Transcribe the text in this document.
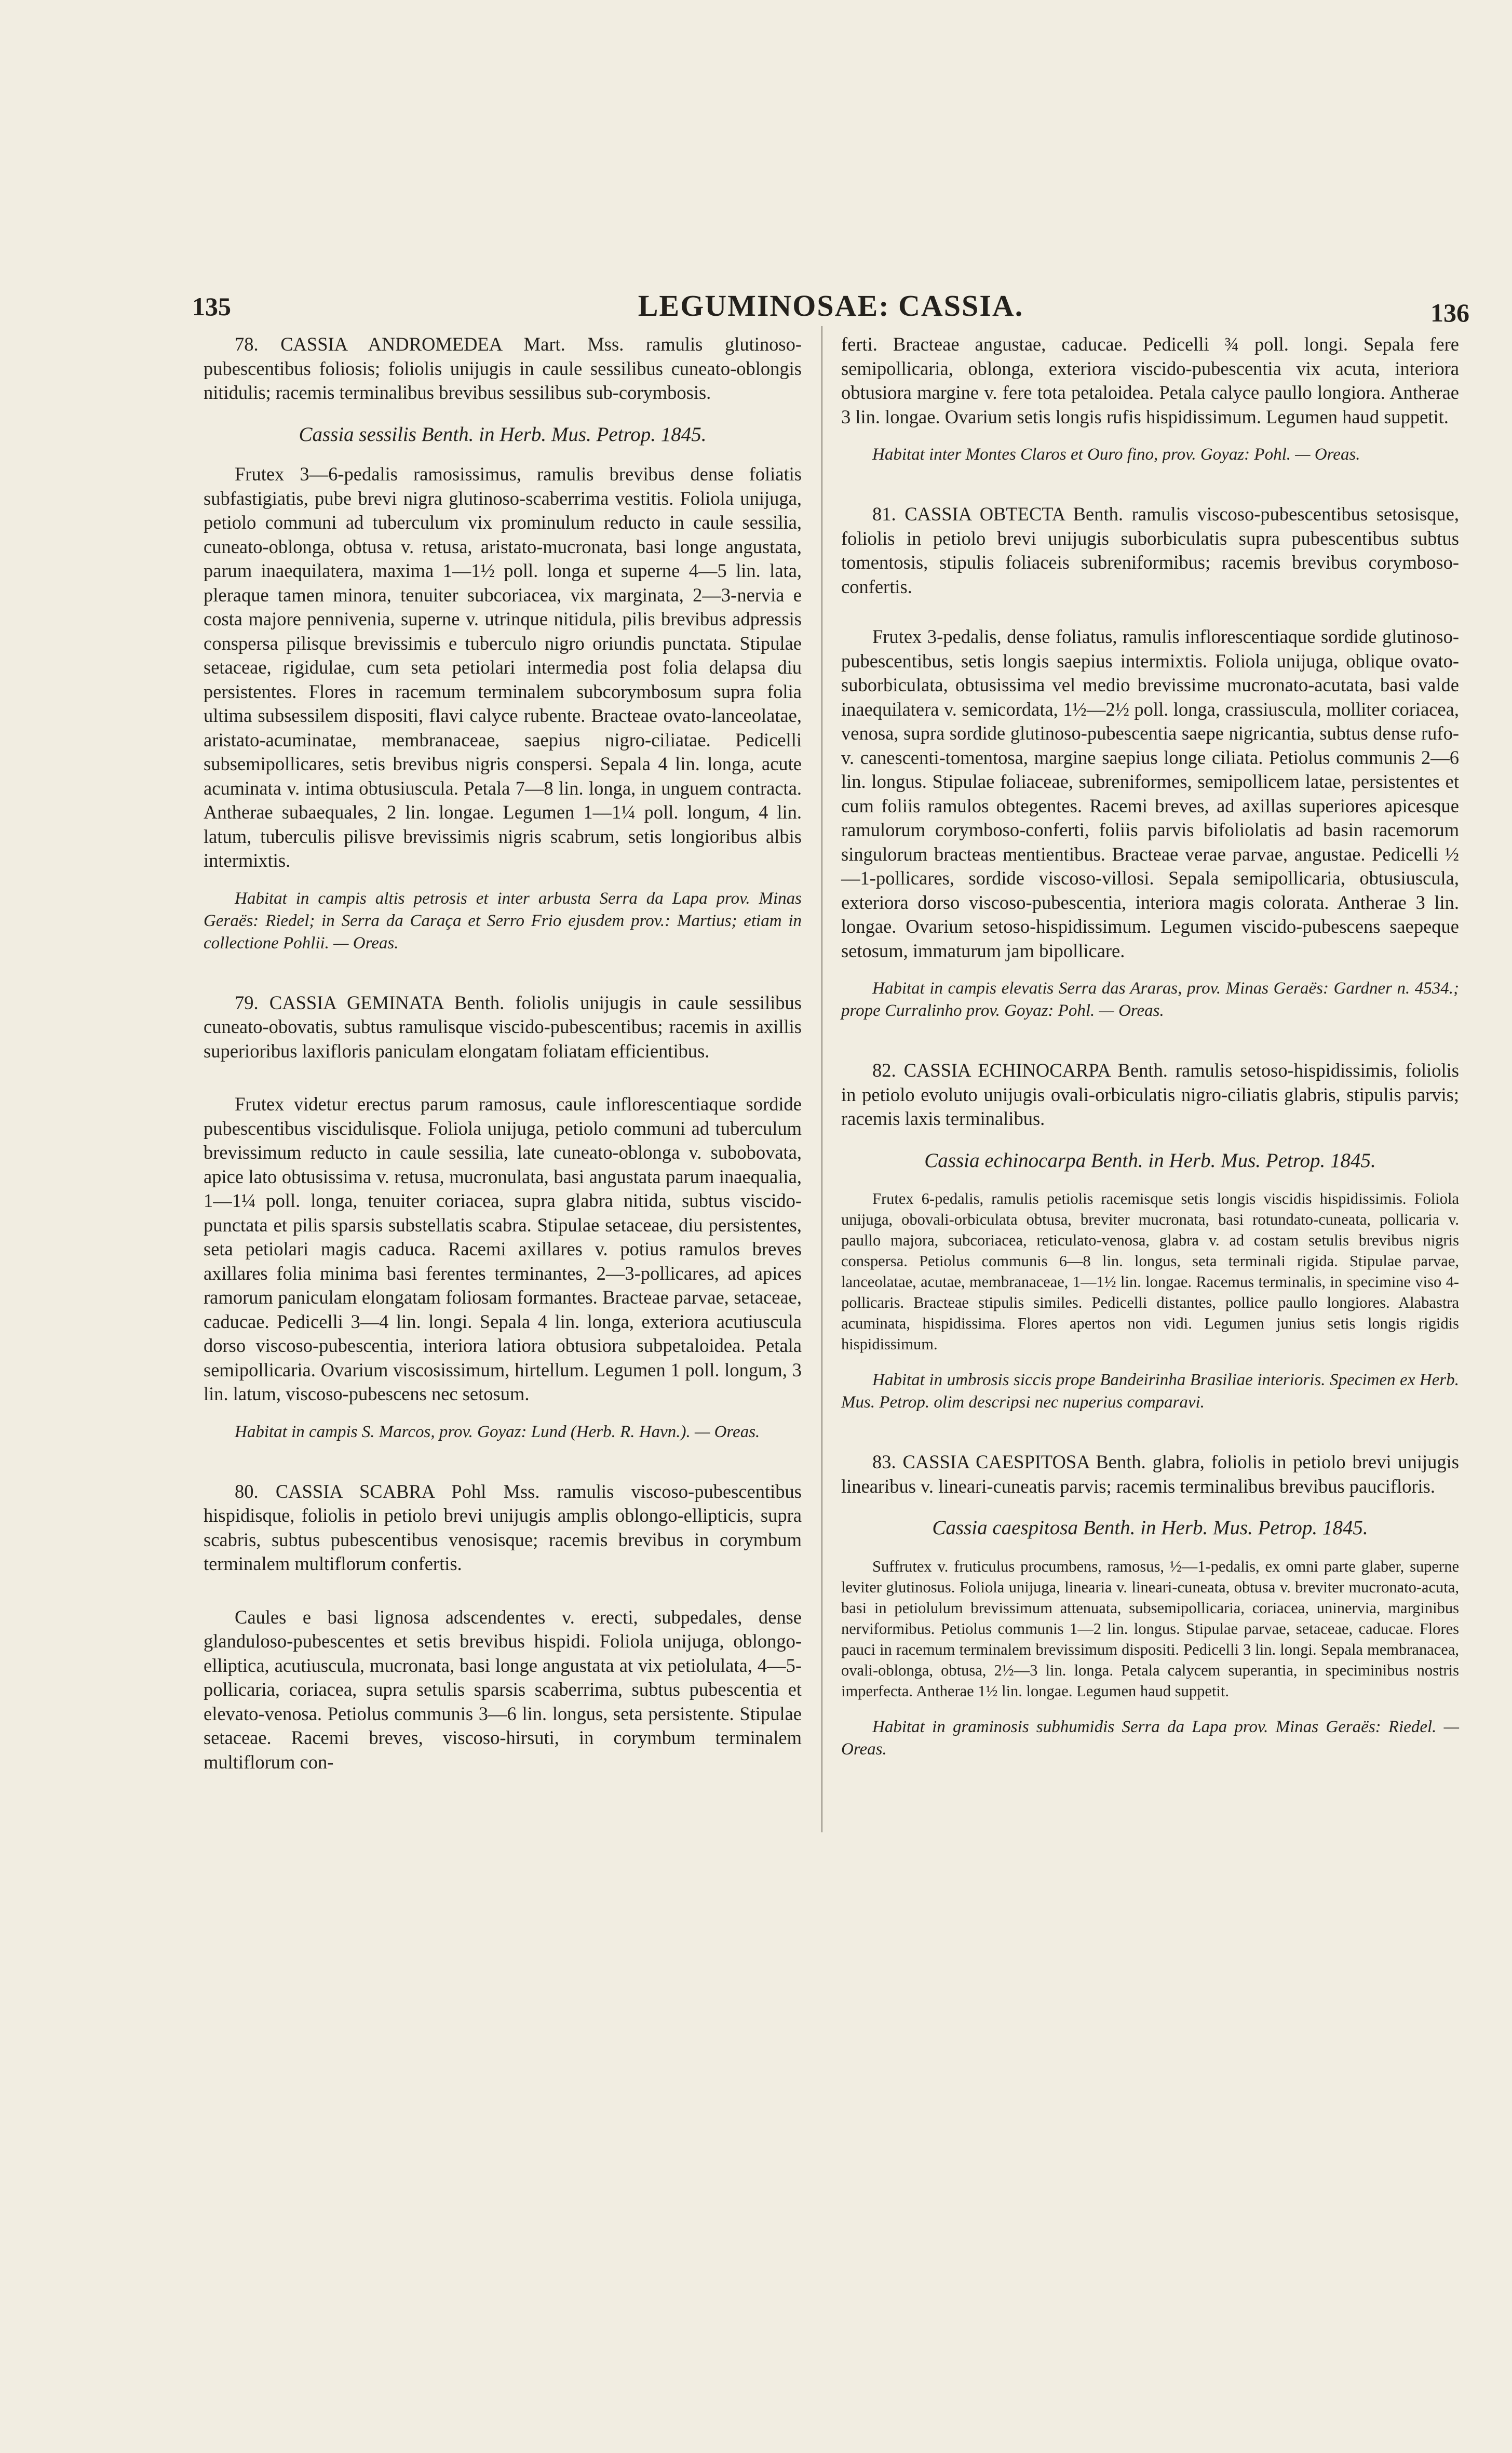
135	LEGUMINOSAE: CASSIA.	136

78. CASSIA ANDROMEDEA Mart. Mss. ramulis glutinoso-pubescentibus foliosis; foliolis unijugis in caule sessilibus cuneato-oblongis nitidulis; racemis terminalibus brevibus sessilibus sub-corymbosis.

Cassia sessilis Benth. in Herb. Mus. Petrop. 1845.

Frutex 3—6-pedalis ramosissimus, ramulis brevibus dense foliatis subfastigiatis, pube brevi nigra glutinoso-scaberrima vestitis. Foliola unijuga, petiolo communi ad tuberculum vix prominulum reducto in caule sessilia, cuneato-oblonga, obtusa v. retusa, aristato-mucronata, basi longe angustata, parum inaequilatera, maxima 1—1½ poll. longa et superne 4—5 lin. lata, pleraque tamen minora, tenuiter subcoriacea, vix marginata, 2—3-nervia e costa majore pennivenia, superne v. utrinque nitidula, pilis brevibus adpressis conspersa pilisque brevissimis e tuberculo nigro oriundis punctata. Stipulae setaceae, rigidulae, cum seta petiolari intermedia post folia delapsa diu persistentes. Flores in racemum terminalem subcorymbosum supra folia ultima subsessilem dispositi, flavi calyce rubente. Bracteae ovato-lanceolatae, aristato-acuminatae, membranaceae, saepius nigro-ciliatae. Pedicelli subsemipollicares, setis brevibus nigris conspersi. Sepala 4 lin. longa, acute acuminata v. intima obtusiuscula. Petala 7—8 lin. longa, in unguem contracta. Antherae subaequales, 2 lin. longae. Legumen 1—1¼ poll. longum, 4 lin. latum, tuberculis pilisve brevissimis nigris scabrum, setis longioribus albis intermixtis.

Habitat in campis altis petrosis et inter arbusta Serra da Lapa prov. Minas Geraës: Riedel; in Serra da Caraça et Serro Frio ejusdem prov.: Martius; etiam in collectione Pohlii. — Oreas.

79. CASSIA GEMINATA Benth. foliolis unijugis in caule sessilibus cuneato-obovatis, subtus ramulisque viscido-pubescentibus; racemis in axillis superioribus laxifloris paniculam elongatam foliatam efficientibus.

Frutex videtur erectus parum ramosus, caule inflorescentiaque sordide pubescentibus viscidulisque. Foliola unijuga, petiolo communi ad tuberculum brevissimum reducto in caule sessilia, late cuneato-oblonga v. subobovata, apice lato obtusissima v. retusa, mucronulata, basi angustata parum inaequalia, 1—1¼ poll. longa, tenuiter coriacea, supra glabra nitida, subtus viscido-punctata et pilis sparsis substellatis scabra. Stipulae setaceae, diu persistentes, seta petiolari magis caduca. Racemi axillares v. potius ramulos breves axillares folia minima basi ferentes terminantes, 2—3-pollicares, ad apices ramorum paniculam elongatam foliosam formantes. Bracteae parvae, setaceae, caducae. Pedicelli 3—4 lin. longi. Sepala 4 lin. longa, exteriora acutiuscula dorso viscoso-pubescentia, interiora latiora obtusiora subpetaloidea. Petala semipollicaria. Ovarium viscosissimum, hirtellum. Legumen 1 poll. longum, 3 lin. latum, viscoso-pubescens nec setosum.

Habitat in campis S. Marcos, prov. Goyaz: Lund (Herb. R. Havn.). — Oreas.

80. CASSIA SCABRA Pohl Mss. ramulis viscoso-pubescentibus hispidisque, foliolis in petiolo brevi unijugis amplis oblongo-ellipticis, supra scabris, subtus pubescentibus venosisque; racemis brevibus in corymbum terminalem multiflorum confertis.

Caules e basi lignosa adscendentes v. erecti, subpedales, dense glanduloso-pubescentes et setis brevibus hispidi. Foliola unijuga, oblongo-elliptica, acutiuscula, mucronata, basi longe angustata at vix petiolulata, 4—5-pollicaria, coriacea, supra setulis sparsis scaberrima, subtus pubescentia et elevato-venosa. Petiolus communis 3—6 lin. longus, seta persistente. Stipulae setaceae. Racemi breves, viscoso-hirsuti, in corymbum terminalem multiflorum con-

ferti. Bracteae angustae, caducae. Pedicelli ¾ poll. longi. Sepala fere semipollicaria, oblonga, exteriora viscido-pubescentia vix acuta, interiora obtusiora margine v. fere tota petaloidea. Petala calyce paullo longiora. Antherae 3 lin. longae. Ovarium setis longis rufis hispidissimum. Legumen haud suppetit.

Habitat inter Montes Claros et Ouro fino, prov. Goyaz: Pohl. — Oreas.

81. CASSIA OBTECTA Benth. ramulis viscoso-pubescentibus setosisque, foliolis in petiolo brevi unijugis suborbiculatis supra pubescentibus subtus tomentosis, stipulis foliaceis subreniformibus; racemis brevibus corymboso-confertis.

Frutex 3-pedalis, dense foliatus, ramulis inflorescentiaque sordide glutinoso-pubescentibus, setis longis saepius intermixtis. Foliola unijuga, oblique ovato-suborbiculata, obtusissima vel medio brevissime mucronato-acutata, basi valde inaequilatera v. semicordata, 1½—2½ poll. longa, crassiuscula, molliter coriacea, venosa, supra sordide glutinoso-pubescentia saepe nigricantia, subtus dense rufo-v. canescenti-tomentosa, margine saepius longe ciliata. Petiolus communis 2—6 lin. longus. Stipulae foliaceae, subreniformes, semipollicem latae, persistentes et cum foliis ramulos obtegentes. Racemi breves, ad axillas superiores apicesque ramulorum corymboso-conferti, foliis parvis bifoliolatis ad basin racemorum singulorum bracteas mentientibus. Bracteae verae parvae, angustae. Pedicelli ½—1-pollicares, sordide viscoso-villosi. Sepala semipollicaria, obtusiuscula, exteriora dorso viscoso-pubescentia, interiora magis colorata. Antherae 3 lin. longae. Ovarium setoso-hispidissimum. Legumen viscido-pubescens saepeque setosum, immaturum jam bipollicare.

Habitat in campis elevatis Serra das Araras, prov. Minas Geraës: Gardner n. 4534.; prope Curralinho prov. Goyaz: Pohl. — Oreas.

82. CASSIA ECHINOCARPA Benth. ramulis setoso-hispidissimis, foliolis in petiolo evoluto unijugis ovali-orbiculatis nigro-ciliatis glabris, stipulis parvis; racemis laxis terminalibus.

Cassia echinocarpa Benth. in Herb. Mus. Petrop. 1845.

Frutex 6-pedalis, ramulis petiolis racemisque setis longis viscidis hispidissimis. Foliola unijuga, obovali-orbiculata obtusa, breviter mucronata, basi rotundato-cuneata, pollicaria v. paullo majora, subcoriacea, reticulato-venosa, glabra v. ad costam setulis brevibus nigris conspersa. Petiolus communis 6—8 lin. longus, seta terminali rigida. Stipulae parvae, lanceolatae, acutae, membranaceae, 1—1½ lin. longae. Racemus terminalis, in specimine viso 4-pollicaris. Bracteae stipulis similes. Pedicelli distantes, pollice paullo longiores. Alabastra acuminata, hispidissima. Flores apertos non vidi. Legumen junius setis longis rigidis hispidissimum.

Habitat in umbrosis siccis prope Bandeirinha Brasiliae interioris. Specimen ex Herb. Mus. Petrop. olim descripsi nec nuperius comparavi.

83. CASSIA CAESPITOSA Benth. glabra, foliolis in petiolo brevi unijugis linearibus v. lineari-cuneatis parvis; racemis terminalibus brevibus paucifloris.

Cassia caespitosa Benth. in Herb. Mus. Petrop. 1845.

Suffrutex v. fruticulus procumbens, ramosus, ½—1-pedalis, ex omni parte glaber, superne leviter glutinosus. Foliola unijuga, linearia v. lineari-cuneata, obtusa v. breviter mucronato-acuta, basi in petiolulum brevissimum attenuata, subsemipollicaria, coriacea, uninervia, marginibus nerviformibus. Petiolus communis 1—2 lin. longus. Stipulae parvae, setaceae, caducae. Flores pauci in racemum terminalem brevissimum dispositi. Pedicelli 3 lin. longi. Sepala membranacea, ovali-oblonga, obtusa, 2½—3 lin. longa. Petala calycem superantia, in speciminibus nostris imperfecta. Antherae 1½ lin. longae. Legumen haud suppetit.

Habitat in graminosis subhumidis Serra da Lapa prov. Minas Geraës: Riedel. — Oreas.
